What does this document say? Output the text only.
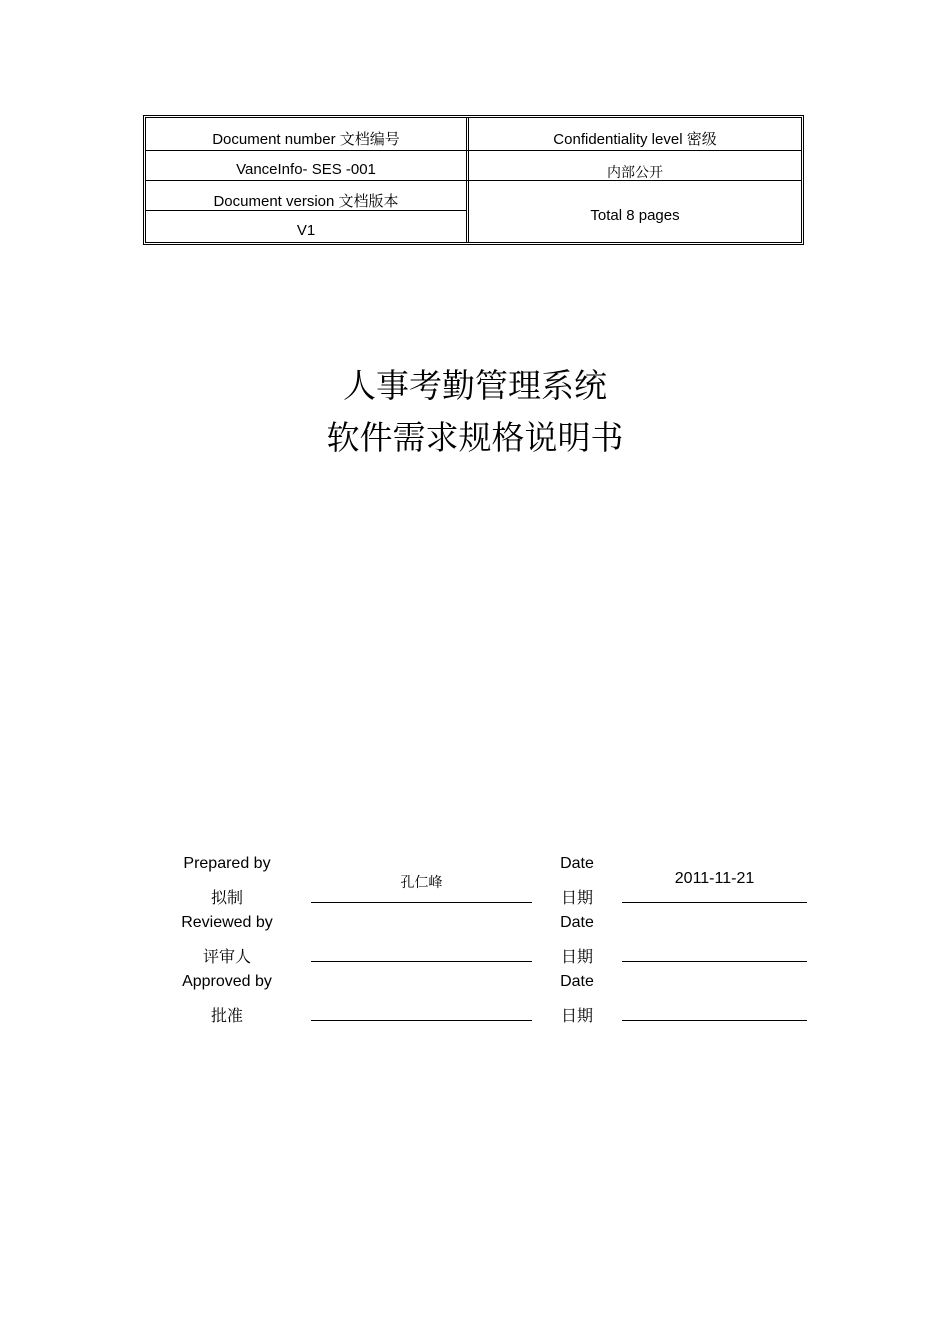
Document number 文档编号	Confidentiality level 密级
VanceInfo- SES -001	内部公开
Document version 文档版本
Total 8 pages
V1
人事考勤管理系统
软件需求规格说明书
Prepared by
拟制
孔仁峰
Date
日期
2011-11-21
Reviewed by
评审人
Date
日期
Approved by
批准
Date
日期
